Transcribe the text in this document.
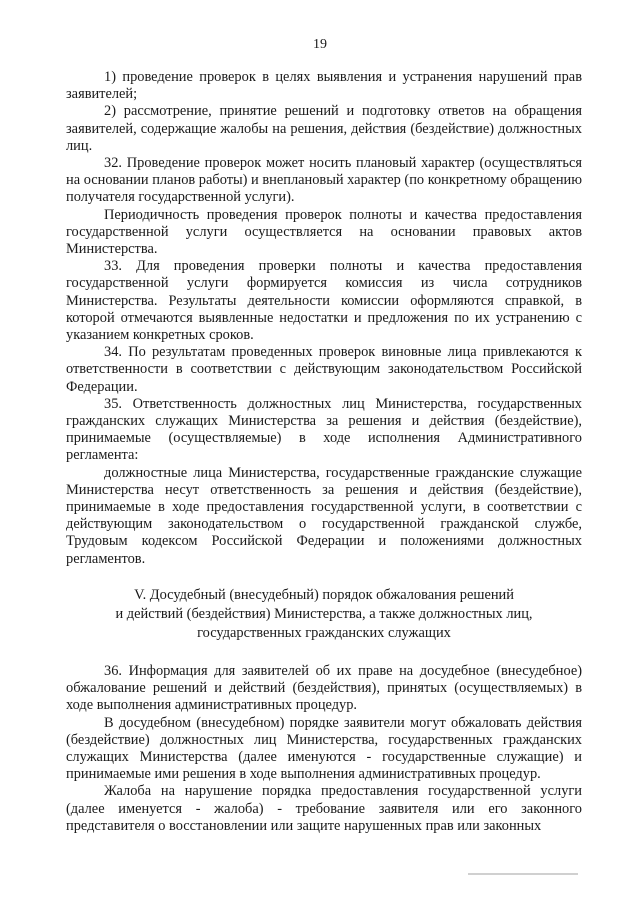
19

1) проведение проверок в целях выявления и устранения нарушений прав заявителей;

2) рассмотрение, принятие решений и подготовку ответов на обращения заявителей, содержащие жалобы на решения, действия (бездействие) должностных лиц.

32. Проведение проверок может носить плановый характер (осуществляться на основании планов работы) и внеплановый характер (по конкретному обращению получателя государственной услуги).

Периодичность проведения проверок полноты и качества предоставления государственной услуги осуществляется на основании правовых актов Министерства.

33. Для проведения проверки полноты и качества предоставления государственной услуги формируется комиссия из числа сотрудников Министерства. Результаты деятельности комиссии оформляются справкой, в которой отмечаются выявленные недостатки и предложения по их устранению с указанием конкретных сроков.

34. По результатам проведенных проверок виновные лица привлекаются к ответственности в соответствии с действующим законодательством Российской Федерации.

35. Ответственность должностных лиц Министерства, государственных гражданских служащих Министерства за решения и действия (бездействие), принимаемые (осуществляемые) в ходе исполнения Административного регламента:

должностные лица Министерства, государственные гражданские служащие Министерства несут ответственность за решения и действия (бездействие), принимаемые в ходе предоставления государственной услуги, в соответствии с действующим законодательством о государственной гражданской службе, Трудовым кодексом Российской Федерации и положениями должностных регламентов.

V. Досудебный (внесудебный) порядок обжалования решений
и действий (бездействия) Министерства, а также должностных лиц,
государственных гражданских служащих

36. Информация для заявителей об их праве на досудебное (внесудебное) обжалование решений и действий (бездействия), принятых (осуществляемых) в ходе выполнения административных процедур.

В досудебном (внесудебном) порядке заявители могут обжаловать действия (бездействие) должностных лиц Министерства, государственных гражданских служащих Министерства (далее именуются - государственные служащие) и принимаемые ими решения в ходе выполнения административных процедур.

Жалоба на нарушение порядка предоставления государственной услуги (далее именуется - жалоба) - требование заявителя или его законного представителя о восстановлении или защите нарушенных прав или законных
